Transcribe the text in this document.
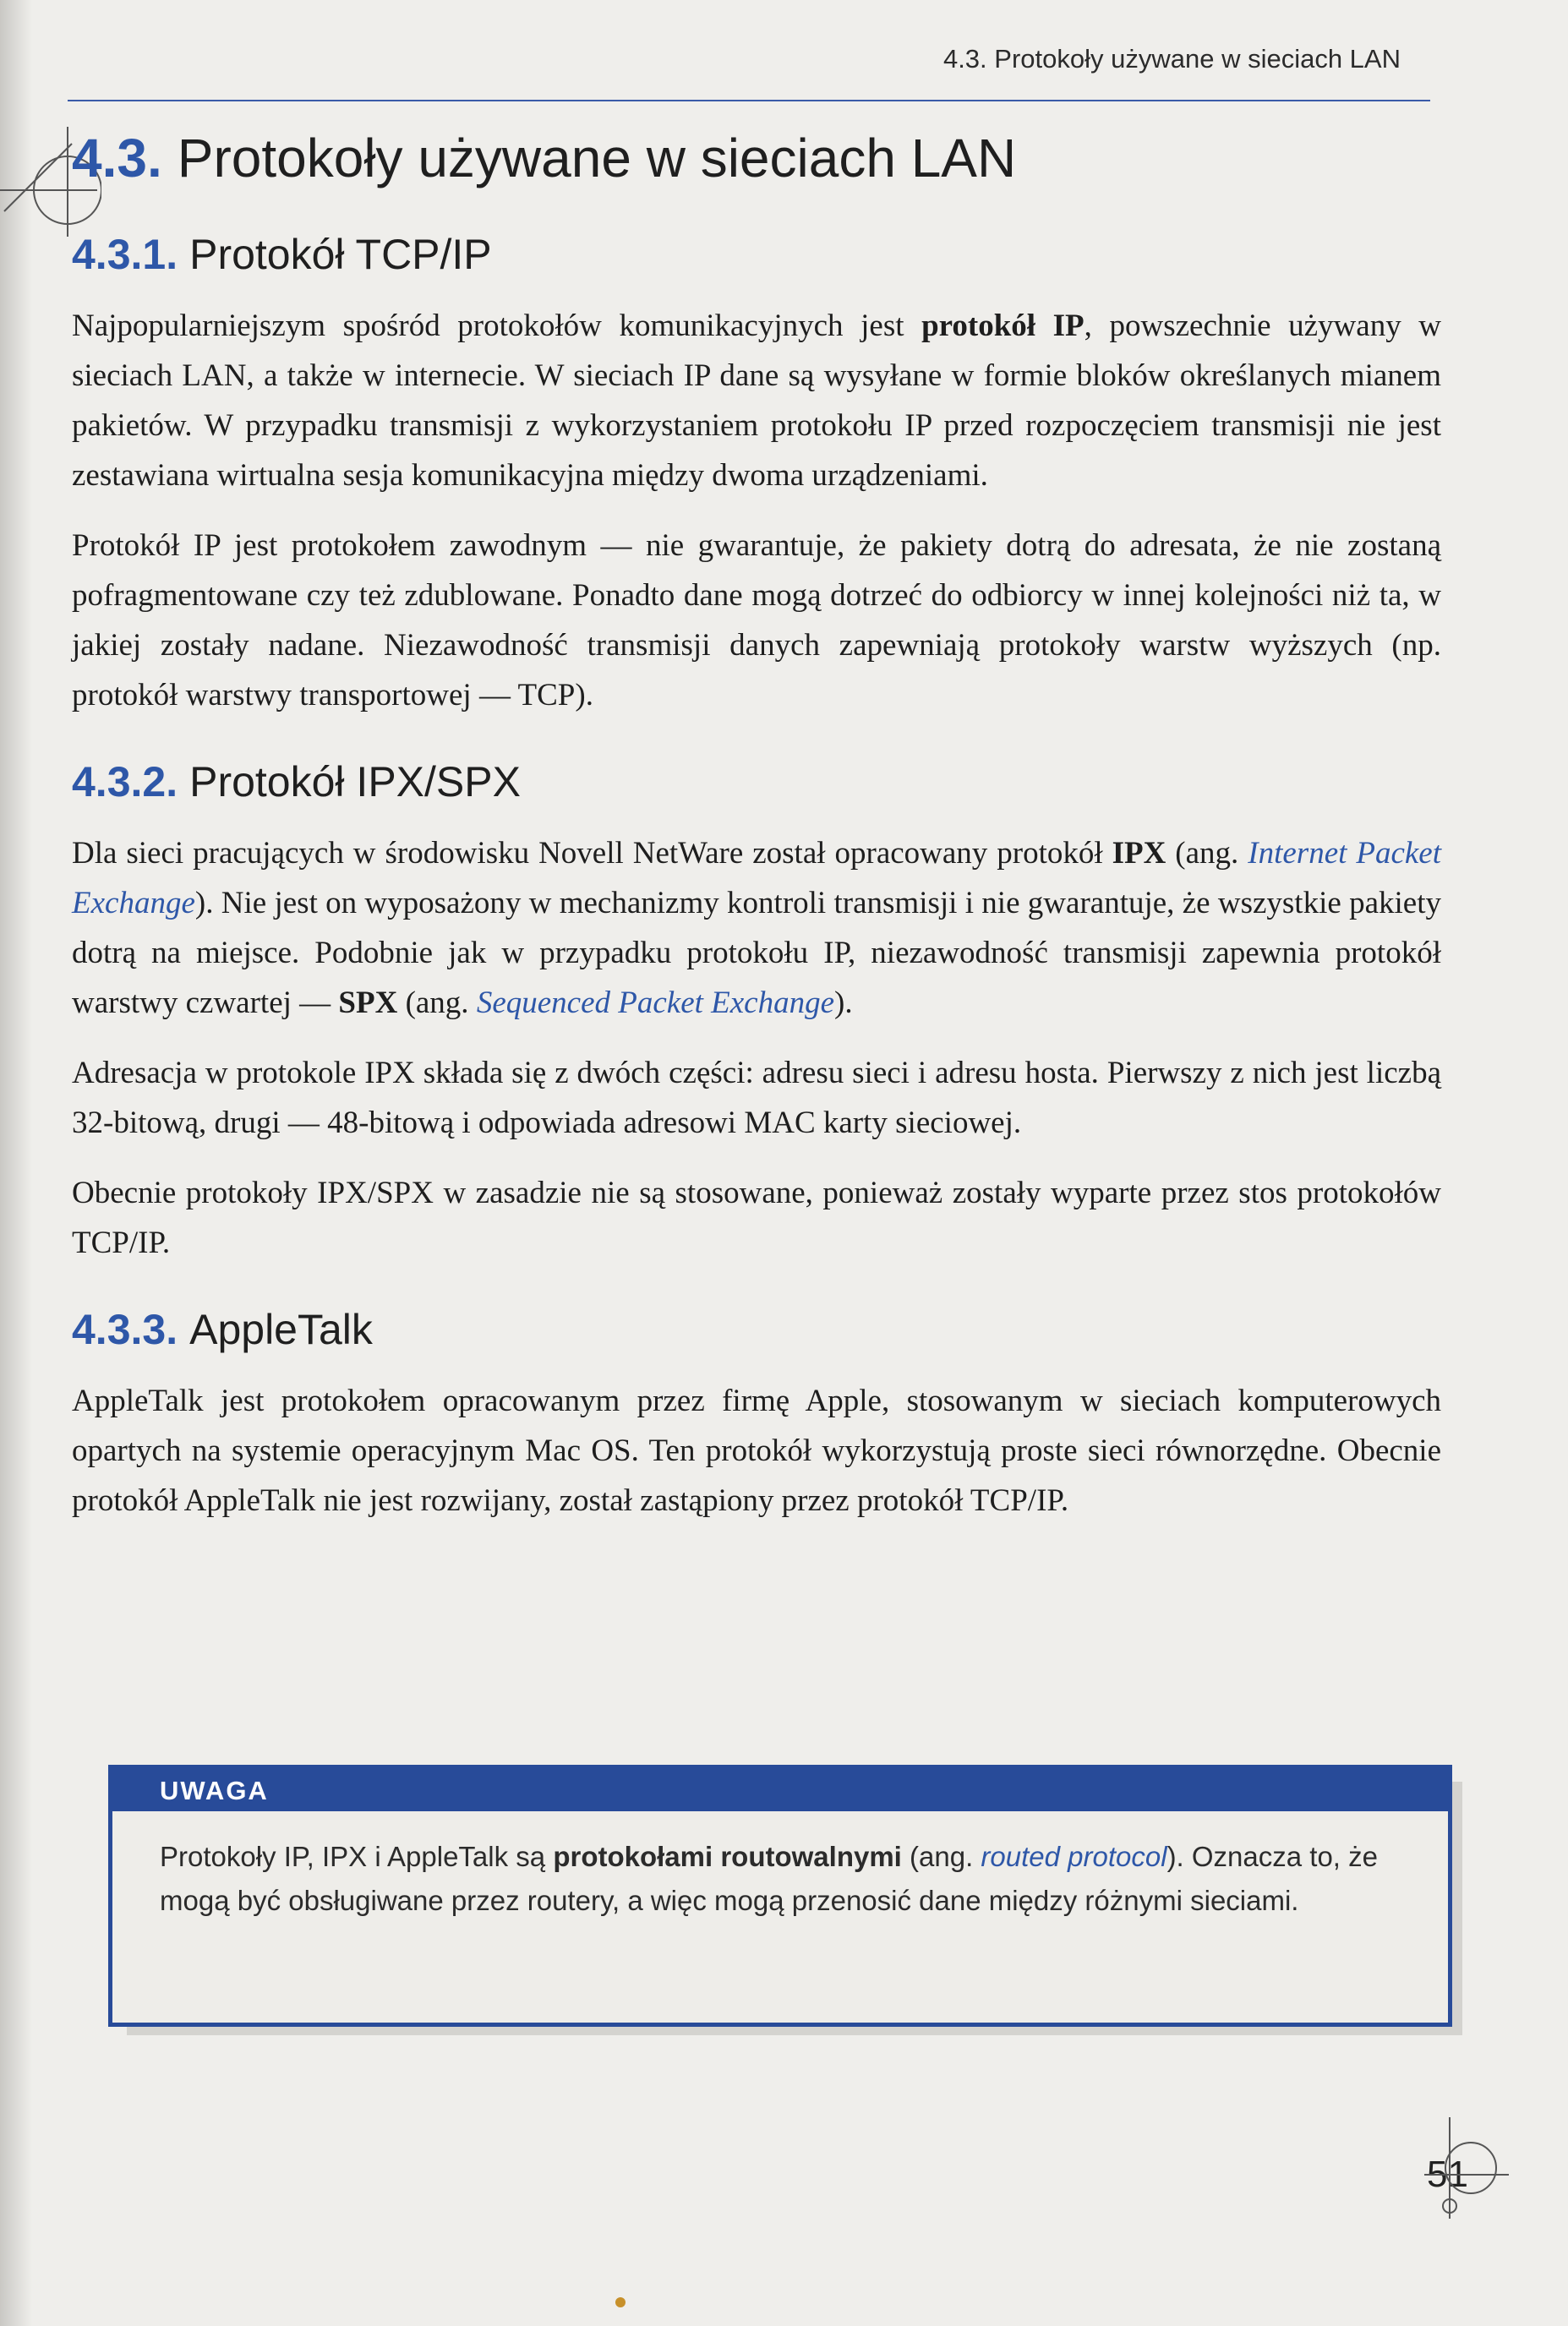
4.3. Protokoły używane w sieciach LAN
4.3. Protokoły używane w sieciach LAN
4.3.1. Protokół TCP/IP

Najpopularniejszym spośród protokołów komunikacyjnych jest protokół IP, powszechnie używany w sieciach LAN, a także w internecie. W sieciach IP dane są wysyłane w formie bloków określanych mianem pakietów. W przypadku transmisji z wykorzystaniem protokołu IP przed rozpoczęciem transmisji nie jest zestawiana wirtualna sesja komunikacyjna między dwoma urządzeniami.

Protokół IP jest protokołem zawodnym — nie gwarantuje, że pakiety dotrą do adresata, że nie zostaną pofragmentowane czy też zdublowane. Ponadto dane mogą dotrzeć do odbiorcy w innej kolejności niż ta, w jakiej zostały nadane. Niezawodność transmisji danych zapewniają protokoły warstw wyższych (np. protokół warstwy transportowej — TCP).

4.3.2. Protokół IPX/SPX

Dla sieci pracujących w środowisku Novell NetWare został opracowany protokół IPX (ang. Internet Packet Exchange). Nie jest on wyposażony w mechanizmy kontroli transmisji i nie gwarantuje, że wszystkie pakiety dotrą na miejsce. Podobnie jak w przypadku protokołu IP, niezawodność transmisji zapewnia protokół warstwy czwartej — SPX (ang. Sequenced Packet Exchange).

Adresacja w protokole IPX składa się z dwóch części: adresu sieci i adresu hosta. Pierwszy z nich jest liczbą 32-bitową, drugi — 48-bitową i odpowiada adresowi MAC karty sieciowej.

Obecnie protokoły IPX/SPX w zasadzie nie są stosowane, ponieważ zostały wyparte przez stos protokołów TCP/IP.

4.3.3. AppleTalk

AppleTalk jest protokołem opracowanym przez firmę Apple, stosowanym w sieciach komputerowych opartych na systemie operacyjnym Mac OS. Ten protokół wykorzystują proste sieci równorzędne. Obecnie protokół AppleTalk nie jest rozwijany, został zastąpiony przez protokół TCP/IP.

UWAGA
Protokoły IP, IPX i AppleTalk są protokołami routowalnymi (ang. routed protocol). Oznacza to, że mogą być obsługiwane przez routery, a więc mogą przenosić dane między różnymi sieciami.
51
